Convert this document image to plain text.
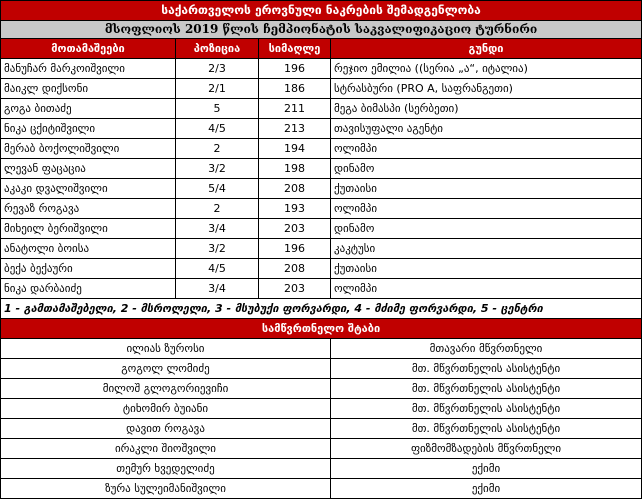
საქართველოს ეროვნული ნაკრების შემადგენლობა			
მსოფლიოს 2019 წლის ჩემპიონატის საკვალიფიკაციო ტურნირი			
მოთამაშეები	პოზიცია	სიმაღლე	გუნდი
მანუჩარ მარკოიშვილი	2/3	196	რეჯიო ემილია ((სერია „ა“, იტალია)
მაიკლ დიქსონი	2/1	186	სტრასბური (PRO A, საფრანგეთი)
გოგა ბითაძე	5	211	მეგა ბიმასპი (სერბეთი)
ნიკა ცქიტიშვილი	4/5	213	თავისუფალი აგენტი
მერაბ ბოქოლიშვილი	2	194	ოლიმპი
ლევან ფაცაცია	3/2	198	დინამო
აკაკი დვალიშვილი	5/4	208	ქუთაისი
რევაზ როგავა	2	193	ოლიმპი
მიხეილ ბერიშვილი	3/4	203	დინამო
ანატოლი ბოისა	3/2	196	კაკტუსი
ბექა ბექაური	4/5	208	ქუთაისი
ნიკა დარბაიძე	3/4	203	ოლიმპი
1 - გამთამაშებელი, 2 - მსროლელი, 3 - მსუბუქი ფორვარდი, 4 - მძიმე ფორვარდი, 5 - ცენტრი			
სამწვრთნელო შტაბი			
ილიას ზუროსი			მთავარი მწვრთნელი
გოგოლ ლომიძე			მთ. მწვრთნელის ასისტენტი
მილოშ გლოგორიევიჩი			მთ. მწვრთნელის ასისტენტი
ტიხომირ ბუიანი			მთ. მწვრთნელის ასისტენტი
დავით როგავა			მთ. მწვრთნელის ასისტენტი
ირაკლი შიოშვილი			ფიზმომზადების მწვრთნელი
თემურ ხვედელიძე			ექიმი
ზურა სულეიმანიშვილი			ექიმი
